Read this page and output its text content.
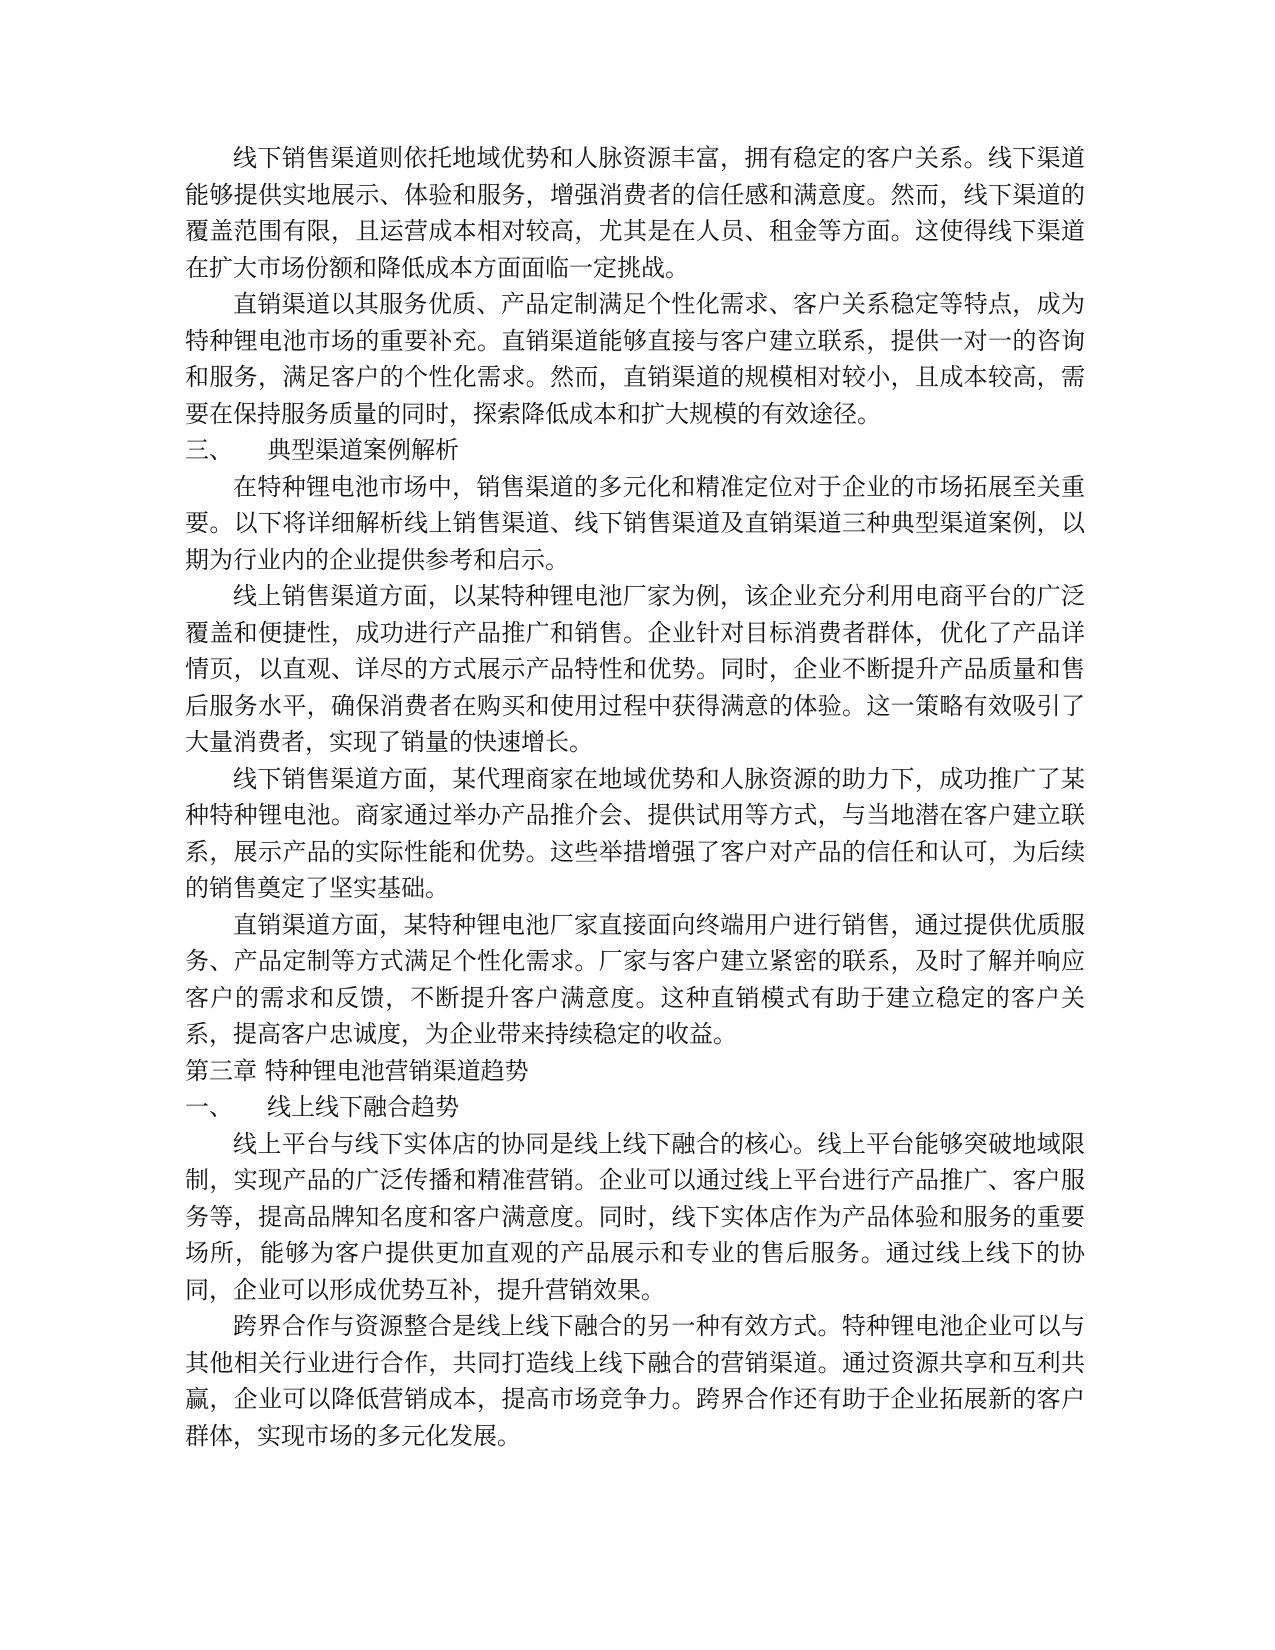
线下销售渠道则依托地域优势和人脉资源丰富，拥有稳定的客户关系。线下渠道能够提供实地展示、体验和服务，增强消费者的信任感和满意度。然而，线下渠道的覆盖范围有限，且运营成本相对较高，尤其是在人员、租金等方面。这使得线下渠道在扩大市场份额和降低成本方面面临一定挑战。

直销渠道以其服务优质、产品定制满足个性化需求、客户关系稳定等特点，成为特种锂电池市场的重要补充。直销渠道能够直接与客户建立联系，提供一对一的咨询和服务，满足客户的个性化需求。然而，直销渠道的规模相对较小，且成本较高，需要在保持服务质量的同时，探索降低成本和扩大规模的有效途径。

三、 典型渠道案例解析

在特种锂电池市场中，销售渠道的多元化和精准定位对于企业的市场拓展至关重要。以下将详细解析线上销售渠道、线下销售渠道及直销渠道三种典型渠道案例，以期为行业内的企业提供参考和启示。

线上销售渠道方面，以某特种锂电池厂家为例，该企业充分利用电商平台的广泛覆盖和便捷性，成功进行产品推广和销售。企业针对目标消费者群体，优化了产品详情页，以直观、详尽的方式展示产品特性和优势。同时，企业不断提升产品质量和售后服务水平，确保消费者在购买和使用过程中获得满意的体验。这一策略有效吸引了大量消费者，实现了销量的快速增长。

线下销售渠道方面，某代理商家在地域优势和人脉资源的助力下，成功推广了某种特种锂电池。商家通过举办产品推介会、提供试用等方式，与当地潜在客户建立联系，展示产品的实际性能和优势。这些举措增强了客户对产品的信任和认可，为后续的销售奠定了坚实基础。

直销渠道方面，某特种锂电池厂家直接面向终端用户进行销售，通过提供优质服务、产品定制等方式满足个性化需求。厂家与客户建立紧密的联系，及时了解并响应客户的需求和反馈，不断提升客户满意度。这种直销模式有助于建立稳定的客户关系，提高客户忠诚度，为企业带来持续稳定的收益。

第三章 特种锂电池营销渠道趋势

一、 线上线下融合趋势

线上平台与线下实体店的协同是线上线下融合的核心。线上平台能够突破地域限制，实现产品的广泛传播和精准营销。企业可以通过线上平台进行产品推广、客户服务等，提高品牌知名度和客户满意度。同时，线下实体店作为产品体验和服务的重要场所，能够为客户提供更加直观的产品展示和专业的售后服务。通过线上线下的协同，企业可以形成优势互补，提升营销效果。

跨界合作与资源整合是线上线下融合的另一种有效方式。特种锂电池企业可以与其他相关行业进行合作，共同打造线上线下融合的营销渠道。通过资源共享和互利共赢，企业可以降低营销成本，提高市场竞争力。跨界合作还有助于企业拓展新的客户群体，实现市场的多元化发展。
